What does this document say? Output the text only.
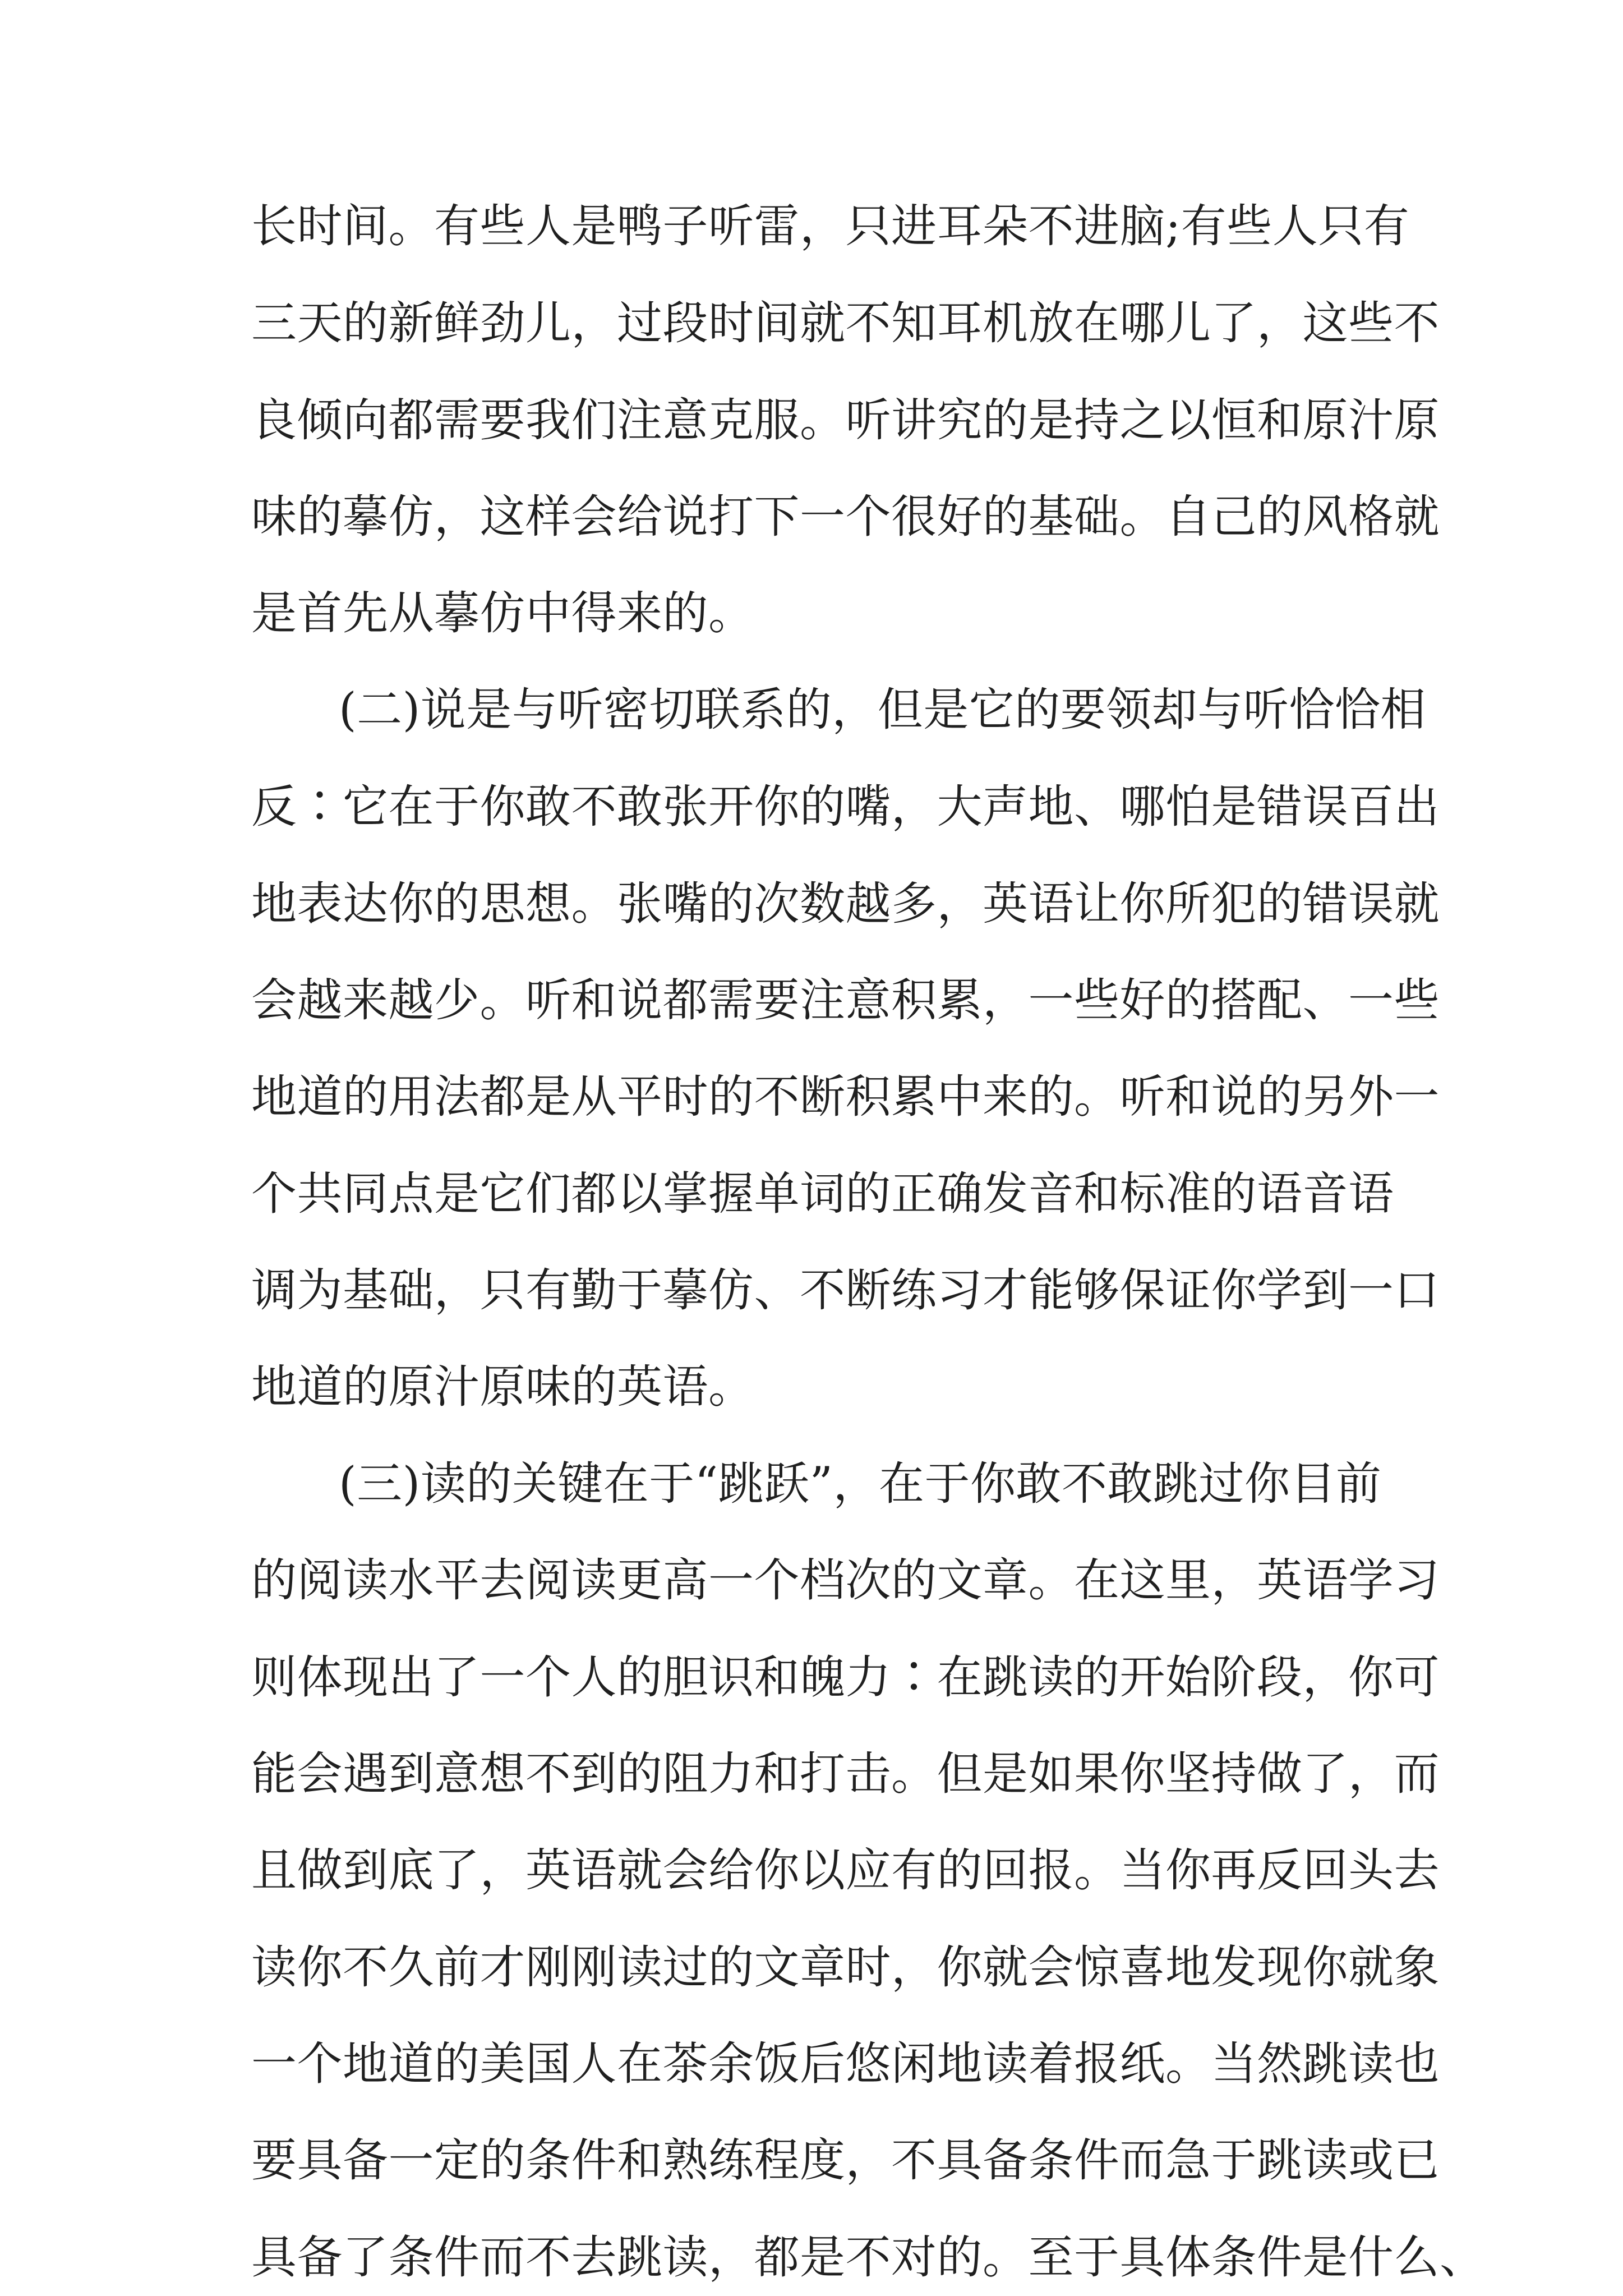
长时间。有些人是鸭子听雷，只进耳朵不进脑;有些人只有
三天的新鲜劲儿，过段时间就不知耳机放在哪儿了，这些不
良倾向都需要我们注意克服。听讲究的是持之以恒和原汁原
味的摹仿，这样会给说打下一个很好的基础。自己的风格就
是首先从摹仿中得来的。
(二)说是与听密切联系的，但是它的要领却与听恰恰相
反∶它在于你敢不敢张开你的嘴，大声地、哪怕是错误百出
地表达你的思想。张嘴的次数越多，英语让你所犯的错误就
会越来越少。听和说都需要注意积累，一些好的搭配、一些
地道的用法都是从平时的不断积累中来的。听和说的另外一
个共同点是它们都以掌握单词的正确发音和标准的语音语
调为基础，只有勤于摹仿、不断练习才能够保证你学到一口
地道的原汁原味的英语。
(三)读的关键在于“跳跃”，在于你敢不敢跳过你目前
的阅读水平去阅读更高一个档次的文章。在这里，英语学习
则体现出了一个人的胆识和魄力∶在跳读的开始阶段，你可
能会遇到意想不到的阻力和打击。但是如果你坚持做了，而
且做到底了，英语就会给你以应有的回报。当你再反回头去
读你不久前才刚刚读过的文章时，你就会惊喜地发现你就象
一个地道的美国人在茶余饭后悠闲地读着报纸。当然跳读也
要具备一定的条件和熟练程度，不具备条件而急于跳读或已
具备了条件而不去跳读，都是不对的。至于具体条件是什么、
